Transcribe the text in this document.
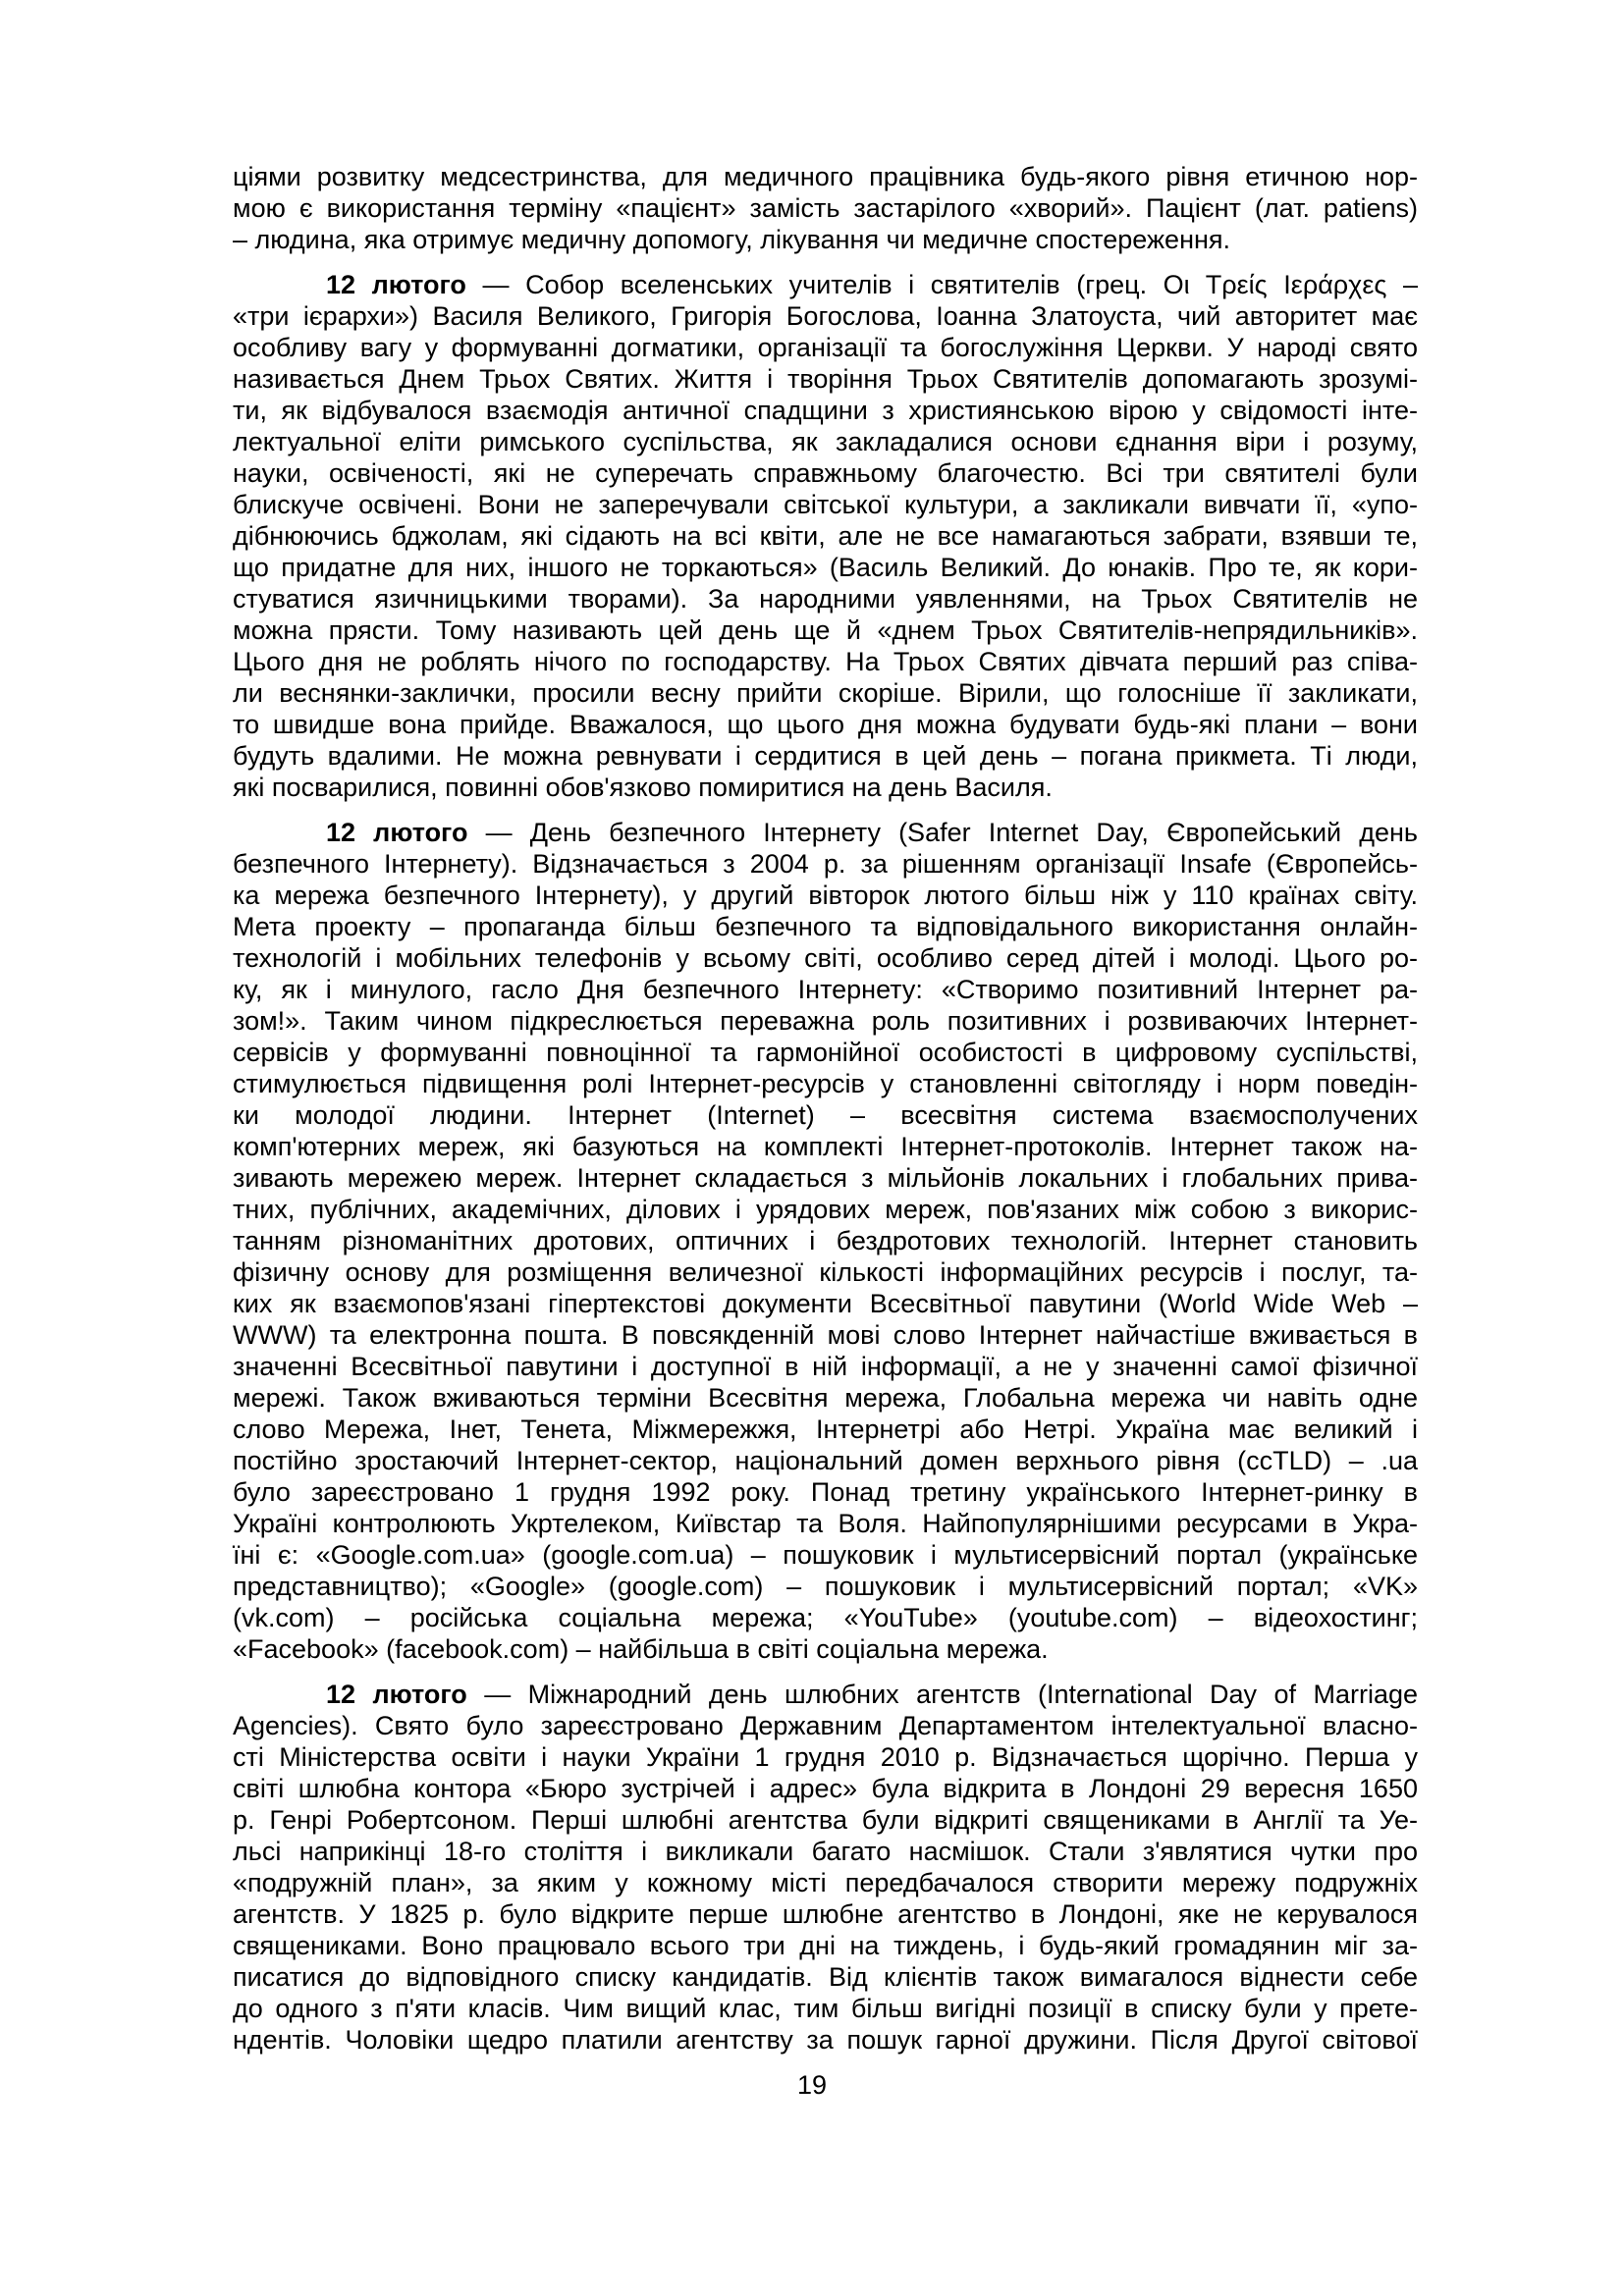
ціями розвитку медсестринства, для медичного працівника будь-якого рівня етичною нор-
мою є використання терміну «пацієнт» замість застарілого «хворий». Пацієнт (лат. patiens)
– людина, яка отримує медичну допомогу, лікування чи медичне спостереження.
12 лютого — Собор вселенських учителів і святителів (грец. Οι Τρείς Ιεράρχες –
«три ієрархи») Василя Великого, Григорія Богослова, Іоанна Златоуста, чий авторитет має
особливу вагу у формуванні догматики, організації та богослужіння Церкви. У народі свято
називається Днем Трьох Святих. Життя і творіння Трьох Святителів допомагають зрозумі-
ти, як відбувалося взаємодія античної спадщини з християнською вірою у свідомості інте-
лектуальної еліти римського суспільства, як закладалися основи єднання віри і розуму,
науки, освіченості, які не суперечать справжньому благочестю. Всі три святителі були
блискуче освічені. Вони не заперечували світської культури, а закликали вивчати її, «упо-
дібнюючись бджолам, які сідають на всі квіти, але не все намагаються забрати, взявши те,
що придатне для них, іншого не торкаються» (Василь Великий. До юнаків. Про те, як кори-
стуватися язичницькими творами). За народними уявленнями, на Трьох Святителів не
можна прясти. Тому називають цей день ще й «днем Трьох Святителів-непрядильників».
Цього дня не роблять нічого по господарству. На Трьох Святих дівчата перший раз співа-
ли веснянки-заклички, просили весну прийти скоріше. Вірили, що голосніше її закликати,
то швидше вона прийде. Вважалося, що цього дня можна будувати будь-які плани – вони
будуть вдалими. Не можна ревнувати і сердитися в цей день – погана прикмета. Ті люди,
які посварилися, повинні обов'язково помиритися на день Василя.
12 лютого — День безпечного Інтернету (Safer Internet Day, Європейський день
безпечного Інтернету). Відзначається з 2004 р. за рішенням організації Insafe (Європейсь-
ка мережа безпечного Інтернету), у другий вівторок лютого більш ніж у 110 країнах світу.
Мета проекту – пропаганда більш безпечного та відповідального використання онлайн-
технологій і мобільних телефонів у всьому світі, особливо серед дітей і молоді. Цього ро-
ку, як і минулого, гасло Дня безпечного Інтернету: «Створимо позитивний Інтернет ра-
зом!». Таким чином підкреслюється переважна роль позитивних і розвиваючих Інтернет-
сервісів у формуванні повноцінної та гармонійної особистості в цифровому суспільстві,
стимулюється підвищення ролі Інтернет-ресурсів у становленні світогляду і норм поведін-
ки молодої людини. Інтернет (Internet) – всесвітня система взаємосполучених
комп'ютерних мереж, які базуються на комплекті Інтернет-протоколів. Інтернет також на-
зивають мережею мереж. Інтернет складається з мільйонів локальних і глобальних прива-
тних, публічних, академічних, ділових і урядових мереж, пов'язаних між собою з викорис-
танням різноманітних дротових, оптичних і бездротових технологій. Інтернет становить
фізичну основу для розміщення величезної кількості інформаційних ресурсів і послуг, та-
ких як взаємопов'язані гіпертекстові документи Всесвітньої павутини (World Wide Web –
WWW) та електронна пошта. В повсякденній мові слово Інтернет найчастіше вживається в
значенні Всесвітньої павутини і доступної в ній інформації, а не у значенні самої фізичної
мережі. Також вживаються терміни Всесвітня мережа, Глобальна мережа чи навіть одне
слово Мережа, Інет, Тенета, Міжмережжя, Інтернетрі або Нетрі. Україна має великий і
постійно зростаючий Інтернет-сектор, національний домен верхнього рівня (ccTLD) – .ua
було зареєстровано 1 грудня 1992 року. Понад третину українського Інтернет-ринку в
Україні контролюють Укртелеком, Київстар та Воля. Найпопулярнішими ресурсами в Укра-
їні є: «Google.com.ua» (google.com.ua) – пошуковик і мультисервісний портал (українське
представництво); «Google» (google.com) – пошуковик і мультисервісний портал; «VK»
(vk.com) – російська соціальна мережа; «YouTube» (youtube.com) – відеохостинг;
«Facebook» (facebook.com) – найбільша в світі соціальна мережа.
12 лютого — Міжнародний день шлюбних агентств (International Day of Marriage
Agencies). Свято було зареєстровано Державним Департаментом інтелектуальної власно-
сті Міністерства освіти і науки України 1 грудня 2010 р. Відзначається щорічно. Перша у
світі шлюбна контора «Бюро зустрічей і адрес» була відкрита в Лондоні 29 вересня 1650
р. Генрі Робертсоном. Перші шлюбні агентства були відкриті священиками в Англії та Уе-
льсі наприкінці 18-го століття і викликали багато насмішок. Стали з'являтися чутки про
«подружній план», за яким у кожному місті передбачалося створити мережу подружніх
агентств. У 1825 р. було відкрите перше шлюбне агентство в Лондоні, яке не керувалося
священиками. Воно працювало всього три дні на тиждень, і будь-який громадянин міг за-
писатися до відповідного списку кандидатів. Від клієнтів також вимагалося віднести себе
до одного з п'яти класів. Чим вищий клас, тим більш вигідні позиції в списку були у прете-
ндентів. Чоловіки щедро платили агентству за пошук гарної дружини. Після Другої світової
19
